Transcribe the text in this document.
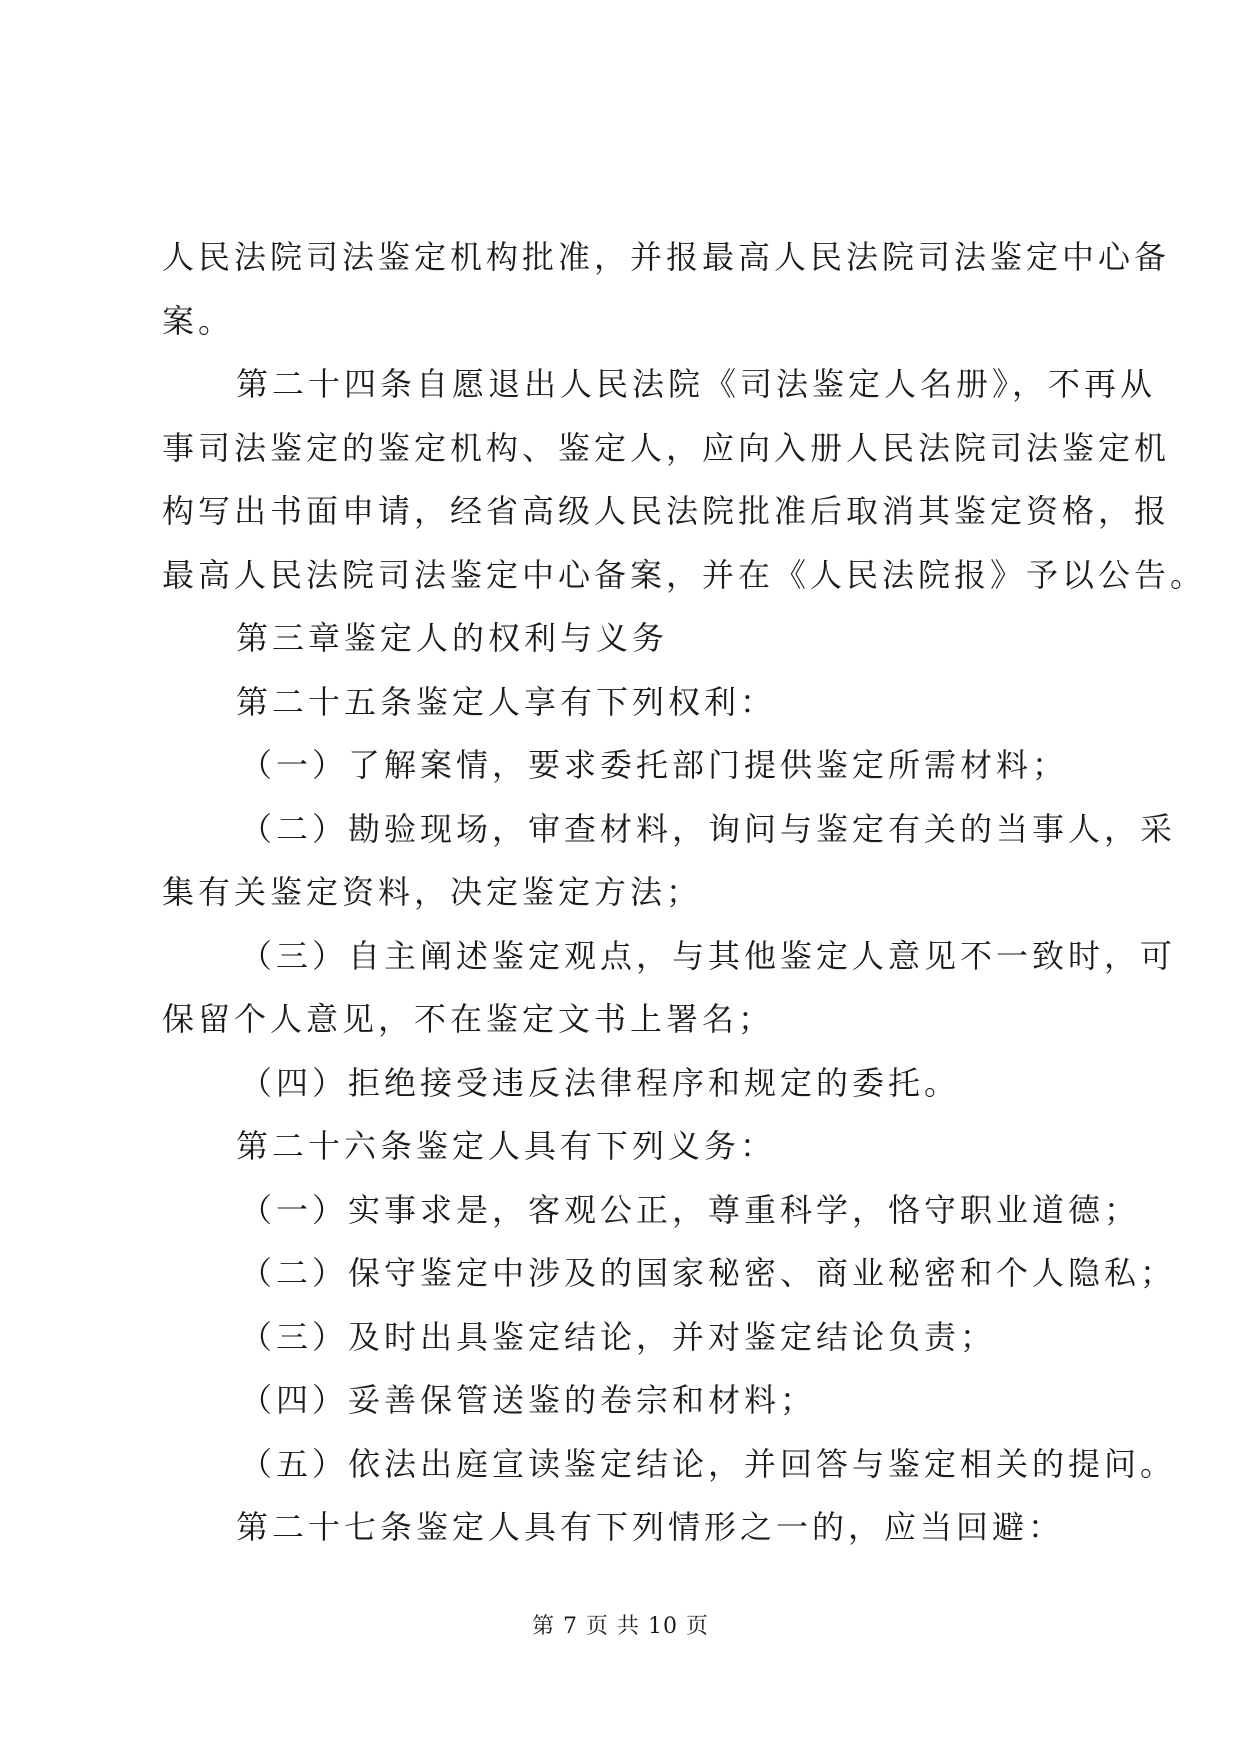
人民法院司法鉴定机构批准，并报最高人民法院司法鉴定中心备

案。

第二十四条自愿退出人民法院《司法鉴定人名册》，不再从

事司法鉴定的鉴定机构、鉴定人，应向入册人民法院司法鉴定机

构写出书面申请，经省高级人民法院批准后取消其鉴定资格，报

最高人民法院司法鉴定中心备案，并在《人民法院报》予以公告。

第三章鉴定人的权利与义务

第二十五条鉴定人享有下列权利：

（一）了解案情，要求委托部门提供鉴定所需材料；

（二）勘验现场，审查材料，询问与鉴定有关的当事人，采

集有关鉴定资料，决定鉴定方法；

（三）自主阐述鉴定观点，与其他鉴定人意见不一致时，可

保留个人意见，不在鉴定文书上署名；

（四）拒绝接受违反法律程序和规定的委托。

第二十六条鉴定人具有下列义务：

（一）实事求是，客观公正，尊重科学，恪守职业道德；

（二）保守鉴定中涉及的国家秘密、商业秘密和个人隐私；

（三）及时出具鉴定结论，并对鉴定结论负责；

（四）妥善保管送鉴的卷宗和材料；

（五）依法出庭宣读鉴定结论，并回答与鉴定相关的提问。

第二十七条鉴定人具有下列情形之一的，应当回避：

第 7 页 共 10 页
